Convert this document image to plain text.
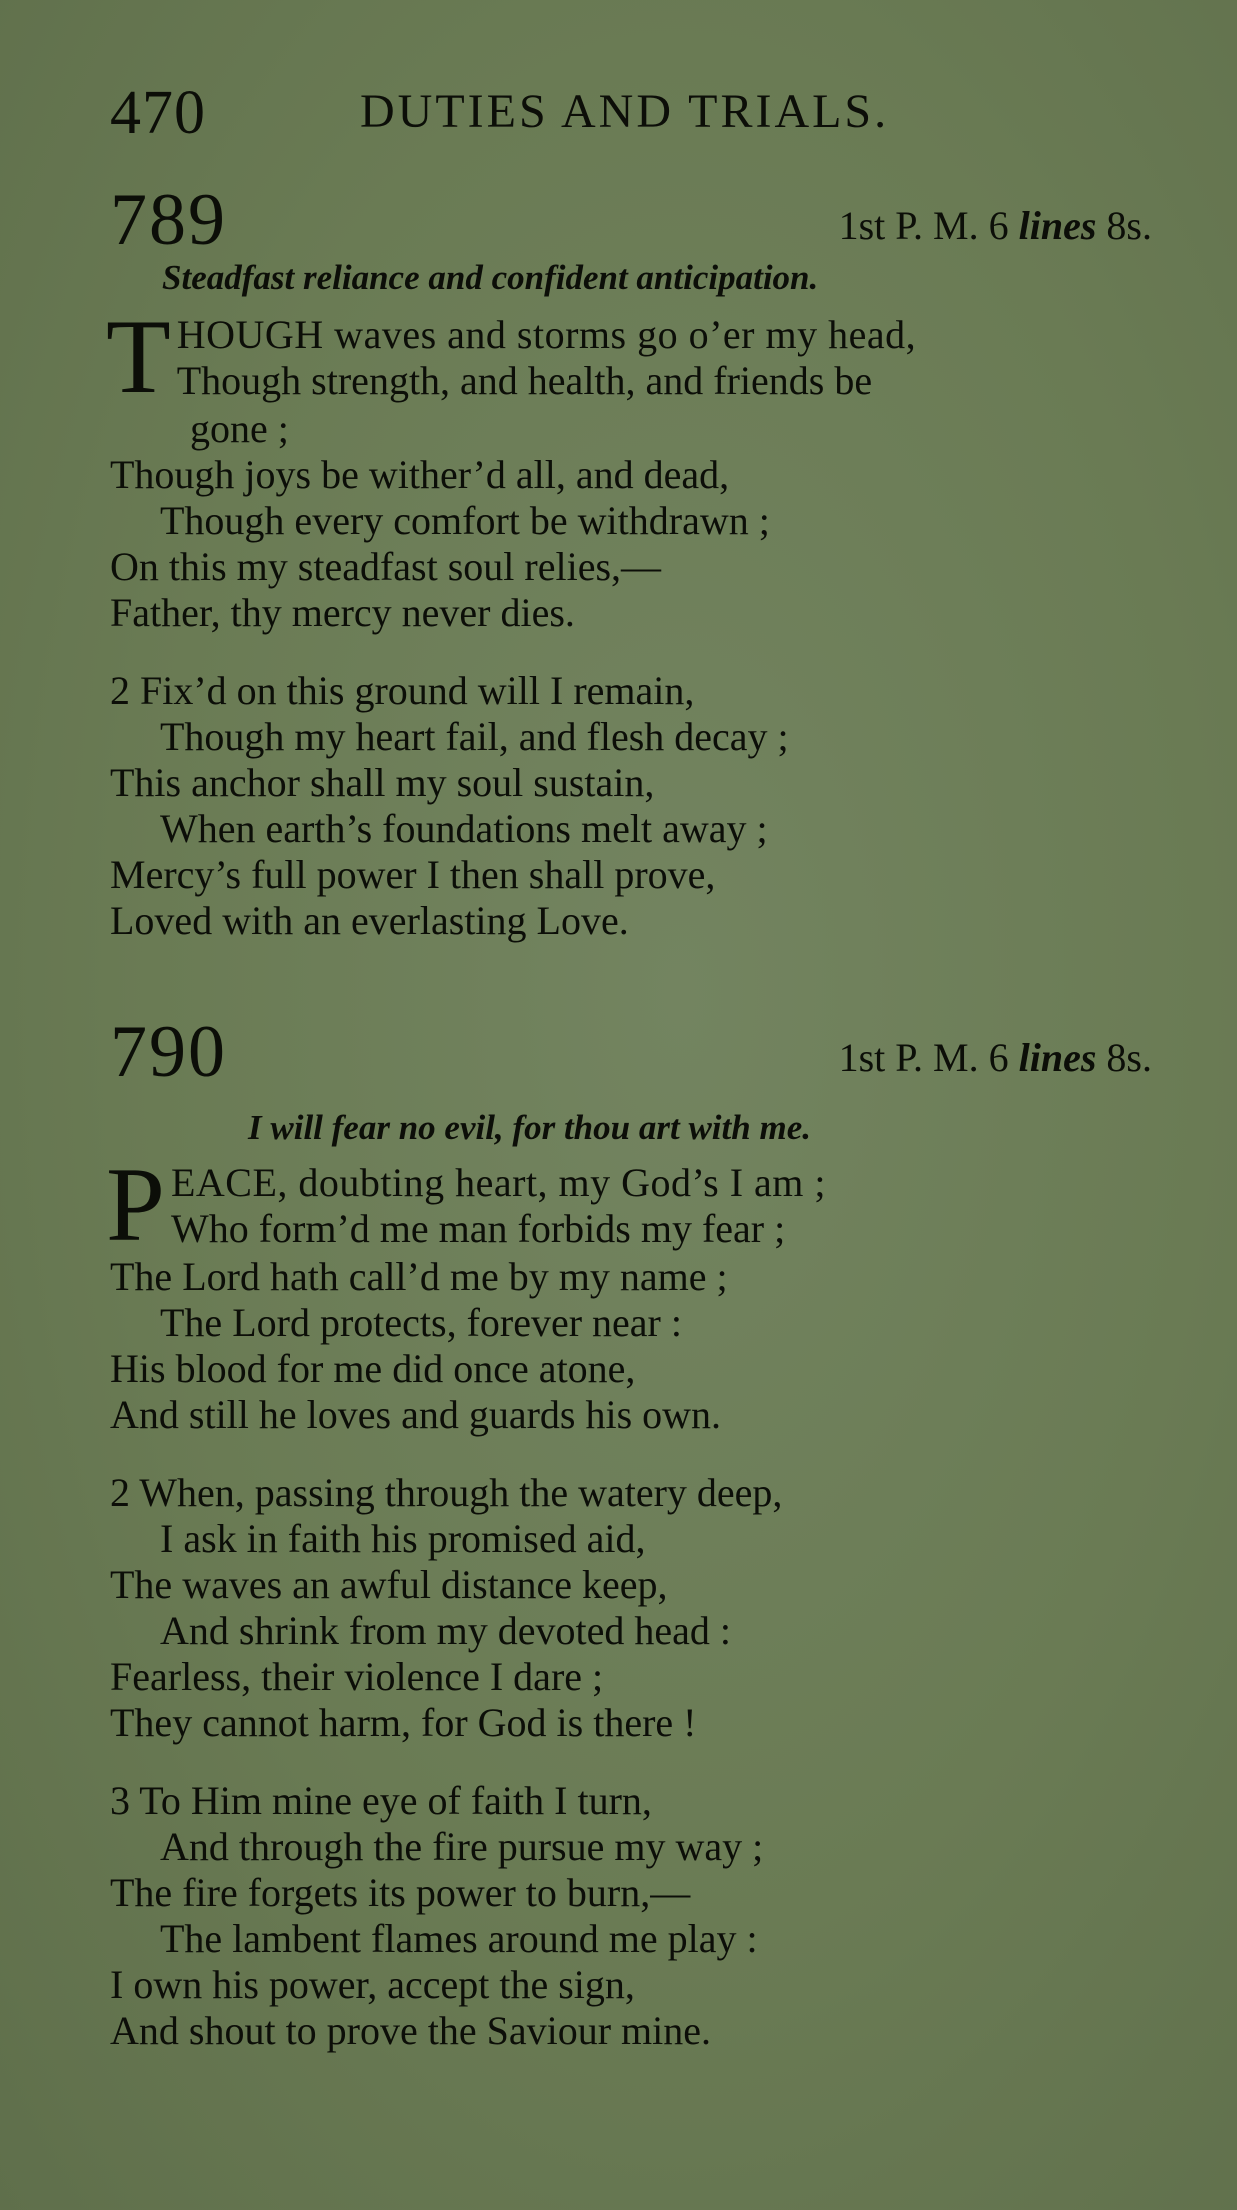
470	DUTIES AND TRIALS.
789	1st P. M. 6 lines 8s.
Steadfast reliance and confident anticipation.
T HOUGH waves and storms go o’er my head,
Though strength, and health, and friends be
gone ;
Though joys be wither’d all, and dead,
Though every comfort be withdrawn ;
On this my steadfast soul relies,—
Father, thy mercy never dies.
2 Fix’d on this ground will I remain,
Though my heart fail, and flesh decay ;
This anchor shall my soul sustain,
When earth’s foundations melt away ;
Mercy’s full power I then shall prove,
Loved with an everlasting Love.
790	1st P. M. 6 lines 8s.
I will fear no evil, for thou art with me.
P EACE, doubting heart, my God’s I am ;
Who form’d me man forbids my fear ;
The Lord hath call’d me by my name ;
The Lord protects, forever near :
His blood for me did once atone,
And still he loves and guards his own.
2 When, passing through the watery deep,
I ask in faith his promised aid,
The waves an awful distance keep,
And shrink from my devoted head :
Fearless, their violence I dare ;
They cannot harm, for God is there !
3 To Him mine eye of faith I turn,
And through the fire pursue my way ;
The fire forgets its power to burn,—
The lambent flames around me play :
I own his power, accept the sign,
And shout to prove the Saviour mine.
